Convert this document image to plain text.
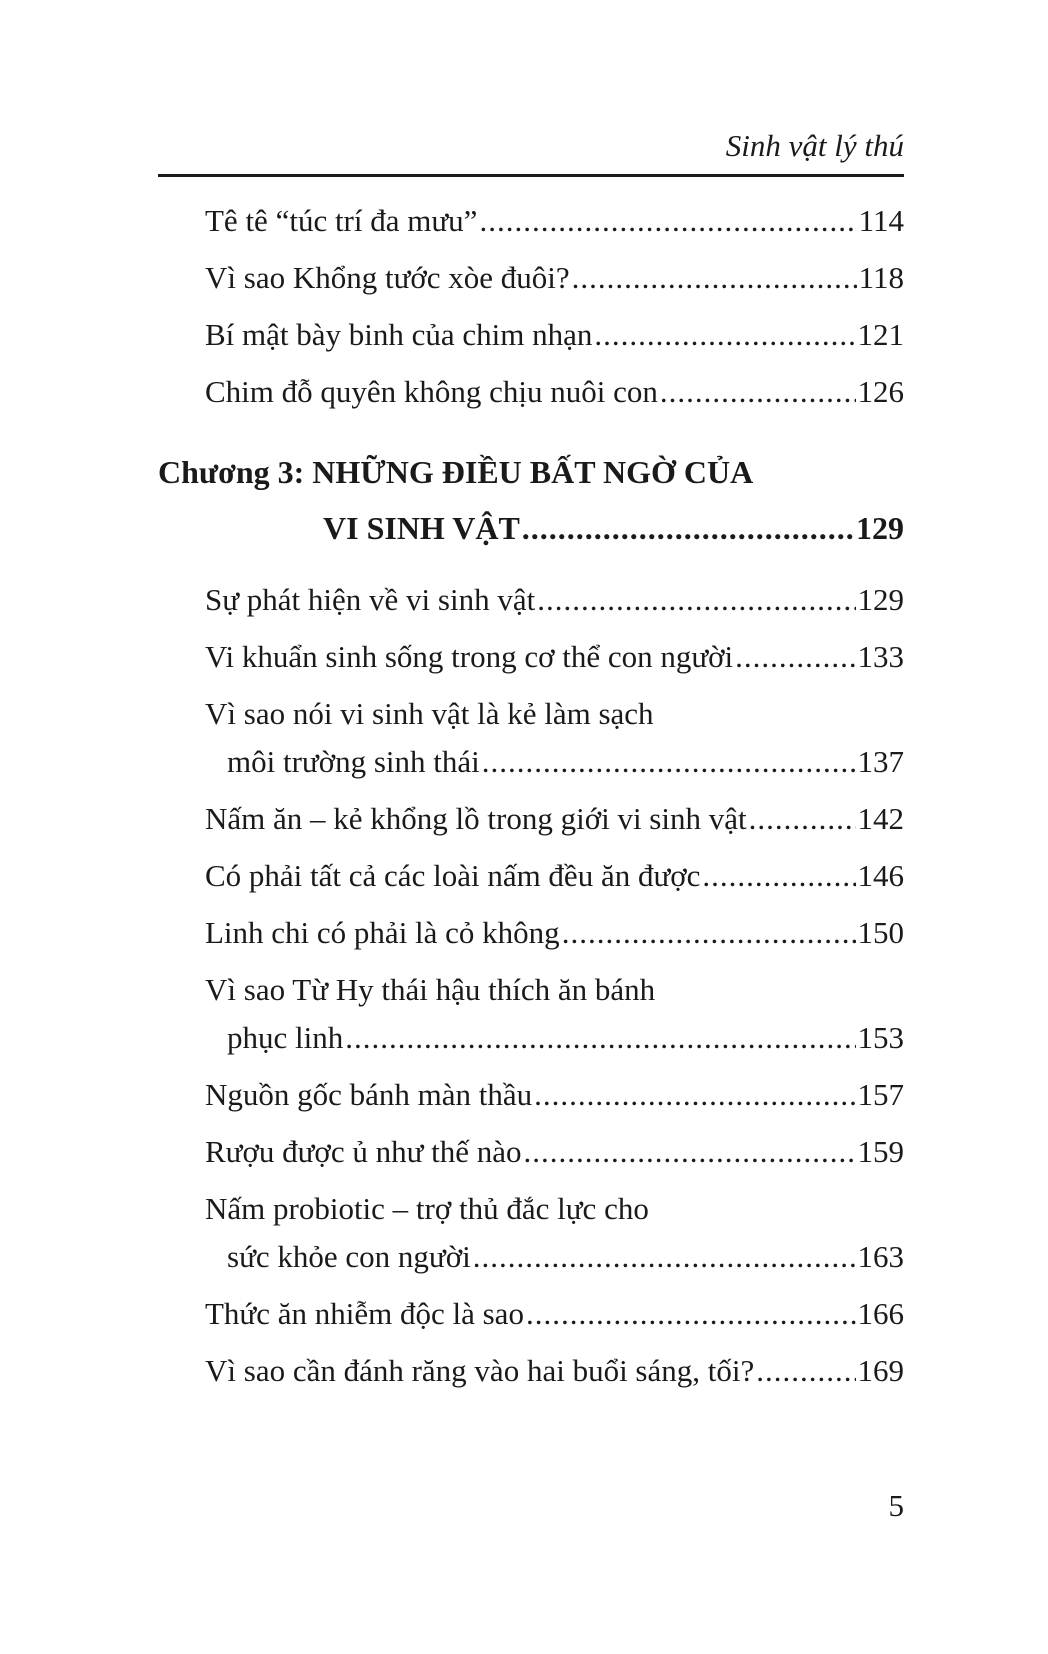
Sinh vật lý thú
Tê tê “túc trí đa mưu” .....	114
Vì sao Khổng tước xòe đuôi? .....	118
Bí mật bày binh của chim nhạn .....	121
Chim đỗ quyên không chịu nuôi con .....	126
Chương 3: NHỮNG ĐIỀU BẤT NGỜ CỦA
VI SINH VẬT .....	129
Sự phát hiện về vi sinh vật .....	129
Vi khuẩn sinh sống trong cơ thể con người .....	133
Vì sao nói vi sinh vật là kẻ làm sạch
môi trường sinh thái .....	137
Nấm ăn – kẻ khổng lồ trong giới vi sinh vật .....	142
Có phải tất cả các loài nấm đều ăn được .....	146
Linh chi có phải là cỏ không .....	150
Vì sao Từ Hy thái hậu thích ăn bánh
phục linh .....	153
Nguồn gốc bánh màn thầu .....	157
Rượu được ủ như thế nào .....	159
Nấm probiotic – trợ thủ đắc lực cho
sức khỏe con người .....	163
Thức ăn nhiễm độc là sao .....	166
Vì sao cần đánh răng vào hai buổi sáng, tối? .....	169
5
